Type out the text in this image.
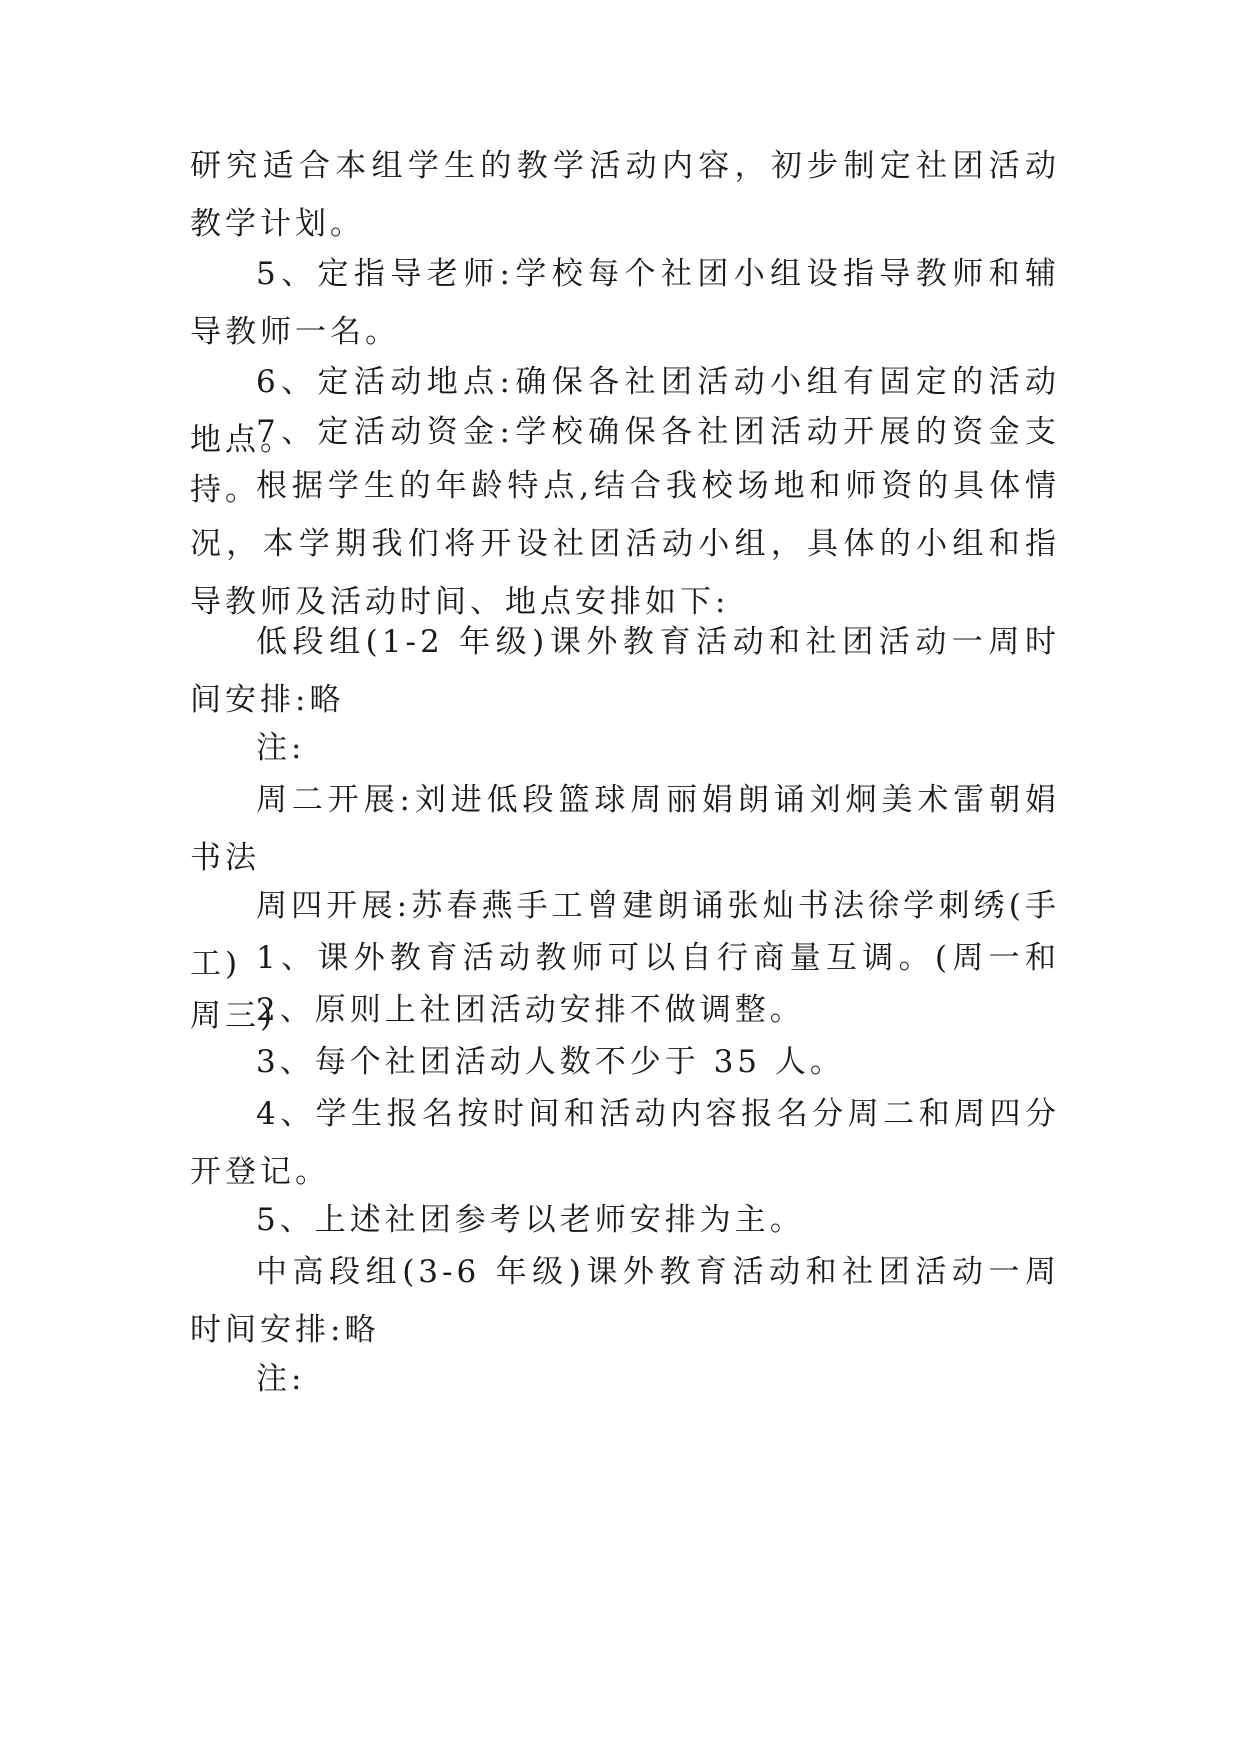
研究适合本组学生的教学活动内容，初步制定社团活动教学计划。

5、定指导老师:学校每个社团小组设指导教师和辅导教师一名。

6、定活动地点:确保各社团活动小组有固定的活动地点。

7、定活动资金:学校确保各社团活动开展的资金支持。

根据学生的年龄特点,结合我校场地和师资的具体情况，本学期我们将开设社团活动小组，具体的小组和指导教师及活动时间、地点安排如下:

低段组(1-2 年级)课外教育活动和社团活动一周时间安排:略

注:

周二开展:刘进低段篮球周丽娟朗诵刘炯美术雷朝娟书法

周四开展:苏春燕手工曾建朗诵张灿书法徐学刺绣(手工) 1、课外教育活动教师可以自行商量互调。(周一和周三)

2、原则上社团活动安排不做调整。

3、每个社团活动人数不少于 35 人。

4、学生报名按时间和活动内容报名分周二和周四分开登记。

5、上述社团参考以老师安排为主。

中高段组(3-6 年级)课外教育活动和社团活动一周时间安排:略

注:
